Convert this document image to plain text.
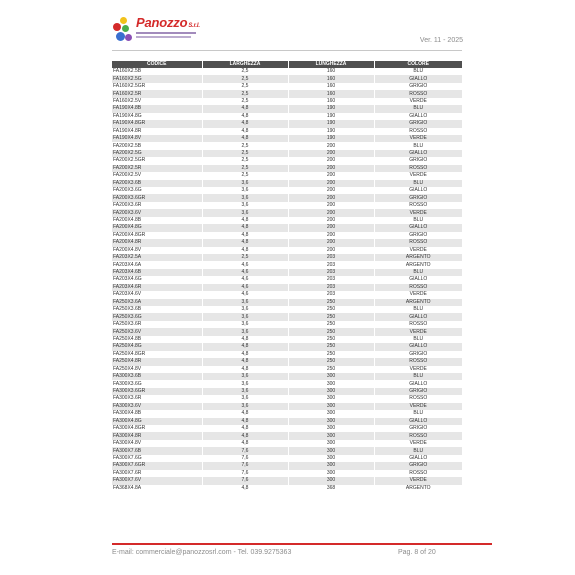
PanozzoS.r.l.
Ver. 11 - 2025
CODICE	LARGHEZZA	LUNGHEZZA	COLORE
FA160X2.5B	2,5	160	BLU
FA160X2.5G	2,5	160	GIALLO
FA160X2.5GR	2,5	160	GRIGIO
FA160X2.5R	2,5	160	ROSSO
FA160X2.5V	2,5	160	VERDE
FA190X4.8B	4,8	190	BLU
FA190X4.8G	4,8	190	GIALLO
FA190X4.8GR	4,8	190	GRIGIO
FA190X4.8R	4,8	190	ROSSO
FA190X4.8V	4,8	190	VERDE
FA200X2.5B	2,5	200	BLU
FA200X2.5G	2,5	200	GIALLO
FA200X2.5GR	2,5	200	GRIGIO
FA200X2.5R	2,5	200	ROSSO
FA200X2.5V	2,5	200	VERDE
FA200X3.6B	3,6	200	BLU
FA200X3.6G	3,6	200	GIALLO
FA200X3.6GR	3,6	200	GRIGIO
FA200X3.6R	3,6	200	ROSSO
FA200X3.6V	3,6	200	VERDE
FA200X4.8B	4,8	200	BLU
FA200X4.8G	4,8	200	GIALLO
FA200X4.8GR	4,8	200	GRIGIO
FA200X4.8R	4,8	200	ROSSO
FA200X4.8V	4,8	200	VERDE
FA203X2.5A	2,5	203	ARGENTO
FA203X4.6A	4,6	203	ARGENTO
FA203X4.6B	4,6	203	BLU
FA203X4.6G	4,6	203	GIALLO
FA203X4.6R	4,6	203	ROSSO
FA203X4.6V	4,6	203	VERDE
FA250X3.6A	3,6	250	ARGENTO
FA250X3.6B	3,6	250	BLU
FA250X3.6G	3,6	250	GIALLO
FA250X3.6R	3,6	250	ROSSO
FA250X3.6V	3,6	250	VERDE
FA250X4.8B	4,8	250	BLU
FA250X4.8G	4,8	250	GIALLO
FA250X4.8GR	4,8	250	GRIGIO
FA250X4.8R	4,8	250	ROSSO
FA250X4.8V	4,8	250	VERDE
FA300X3.6B	3,6	300	BLU
FA300X3.6G	3,6	300	GIALLO
FA300X3.6GR	3,6	300	GRIGIO
FA300X3.6R	3,6	300	ROSSO
FA300X3.6V	3,6	300	VERDE
FA300X4.8B	4,8	300	BLU
FA300X4.8G	4,8	300	GIALLO
FA300X4.8GR	4,8	300	GRIGIO
FA300X4.8R	4,8	300	ROSSO
FA300X4.8V	4,8	300	VERDE
FA300X7.6B	7,6	300	BLU
FA300X7.6G	7,6	300	GIALLO
FA300X7.6GR	7,6	300	GRIGIO
FA300X7.6R	7,6	300	ROSSO
FA300X7.6V	7,6	300	VERDE
FA368X4.8A	4,8	368	ARGENTO
E-mail: commerciale@panozzosrl.com - Tel. 039.9275363	Pag. 8 of 20
